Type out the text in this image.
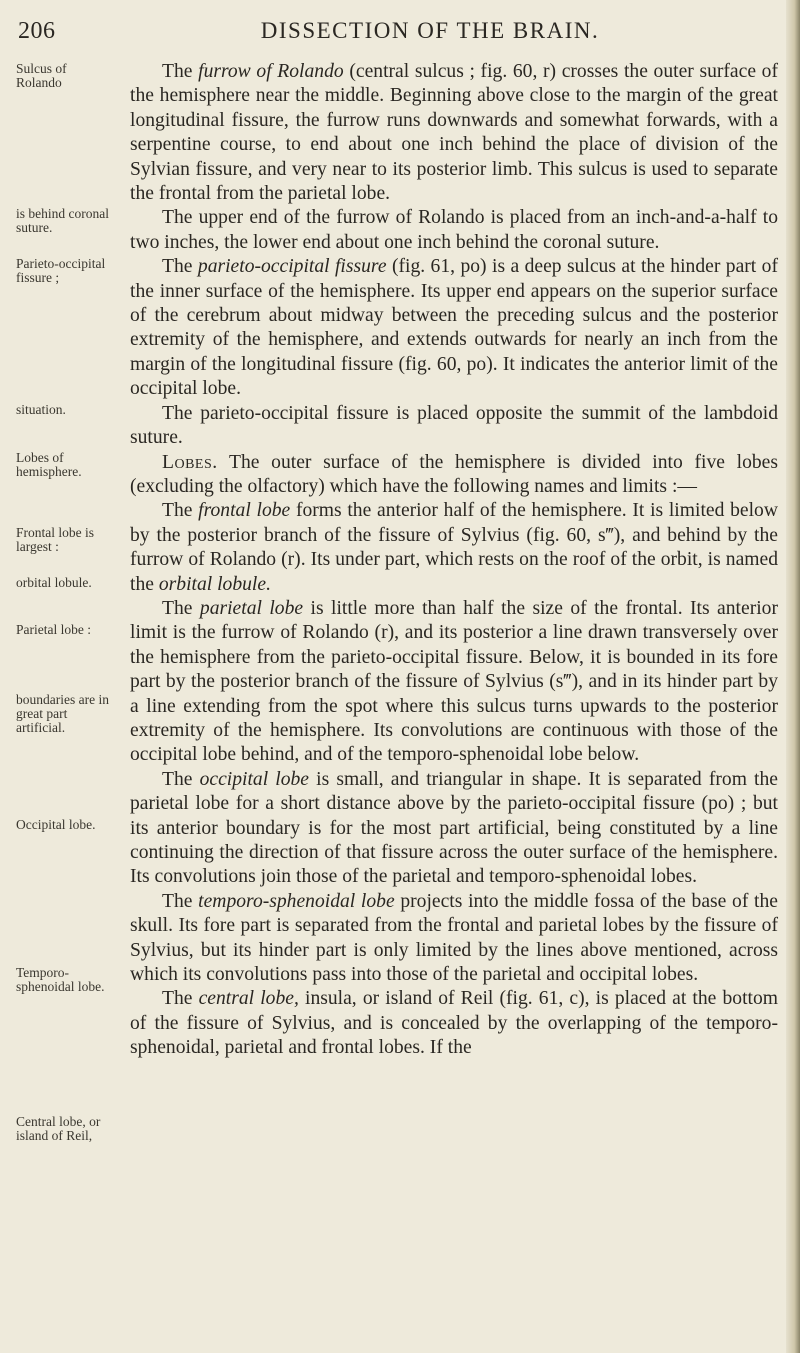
206	DISSECTION OF THE BRAIN.
Sulcus of Rolando
is behind coronal suture.
Parieto-occipital fissure ;
situation.
Lobes of hemisphere.
Frontal lobe is largest :
orbital lobule.
Parietal lobe :
boundaries are in great part artificial.
Occipital lobe.
Temporo-sphenoidal lobe.
Central lobe, or island of Reil,

The furrow of Rolando (central sulcus ; fig. 60, r) crosses the outer surface of the hemisphere near the middle. Beginning above close to the margin of the great longitudinal fissure, the furrow runs downwards and somewhat forwards, with a serpentine course, to end about one inch behind the place of division of the Sylvian fissure, and very near to its posterior limb. This sulcus is used to separate the frontal from the parietal lobe.

The upper end of the furrow of Rolando is placed from an inch-and-a-half to two inches, the lower end about one inch behind the coronal suture.

The parieto-occipital fissure (fig. 61, po) is a deep sulcus at the hinder part of the inner surface of the hemisphere. Its upper end appears on the superior surface of the cerebrum about midway between the preceding sulcus and the posterior extremity of the hemisphere, and extends outwards for nearly an inch from the margin of the longitudinal fissure (fig. 60, po). It indicates the anterior limit of the occipital lobe.

The parieto-occipital fissure is placed opposite the summit of the lambdoid suture.

Lobes. The outer surface of the hemisphere is divided into five lobes (excluding the olfactory) which have the following names and limits :—

The frontal lobe forms the anterior half of the hemisphere. It is limited below by the posterior branch of the fissure of Sylvius (fig. 60, s‴), and behind by the furrow of Rolando (r). Its under part, which rests on the roof of the orbit, is named the orbital lobule.

The parietal lobe is little more than half the size of the frontal. Its anterior limit is the furrow of Rolando (r), and its posterior a line drawn transversely over the hemisphere from the parieto-occipital fissure. Below, it is bounded in its fore part by the posterior branch of the fissure of Sylvius (s‴), and in its hinder part by a line extending from the spot where this sulcus turns upwards to the posterior extremity of the hemisphere. Its convolutions are continuous with those of the occipital lobe behind, and of the temporo-sphenoidal lobe below.

The occipital lobe is small, and triangular in shape. It is separated from the parietal lobe for a short distance above by the parieto-occipital fissure (po) ; but its anterior boundary is for the most part artificial, being constituted by a line continuing the direction of that fissure across the outer surface of the hemisphere. Its convolutions join those of the parietal and temporo-sphenoidal lobes.

The temporo-sphenoidal lobe projects into the middle fossa of the base of the skull. Its fore part is separated from the frontal and parietal lobes by the fissure of Sylvius, but its hinder part is only limited by the lines above mentioned, across which its convolutions pass into those of the parietal and occipital lobes.

The central lobe, insula, or island of Reil (fig. 61, c), is placed at the bottom of the fissure of Sylvius, and is concealed by the overlapping of the temporo-sphenoidal, parietal and frontal lobes. If the
